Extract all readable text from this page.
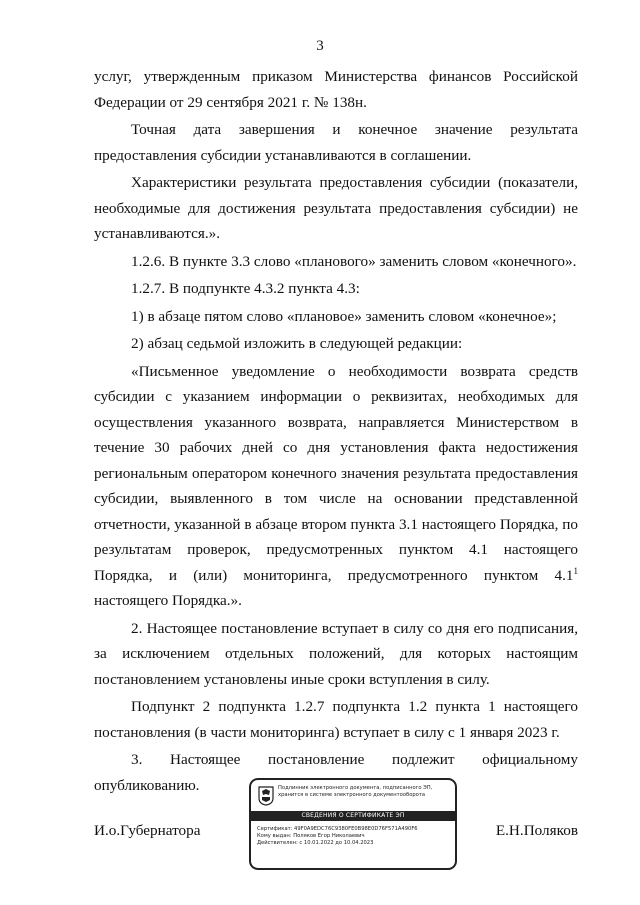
3

услуг, утвержденным приказом Министерства финансов Российской Федерации от 29 сентября 2021 г. № 138н.

Точная дата завершения и конечное значение результата предоставления субсидии устанавливаются в соглашении.

Характеристики результата предоставления субсидии (показатели, необходимые для достижения результата предоставления субсидии) не устанавливаются.».

1.2.6. В пункте 3.3 слово «планового» заменить словом «конечного».

1.2.7. В подпункте 4.3.2 пункта 4.3:

1) в абзаце пятом слово «плановое» заменить словом «конечное»;

2) абзац седьмой изложить в следующей редакции:

«Письменное уведомление о необходимости возврата средств субсидии с указанием информации о реквизитах, необходимых для осуществления указанного возврата, направляется Министерством в течение 30 рабочих дней со дня установления факта недостижения региональным оператором конечного значения результата предоставления субсидии, выявленного в том числе на основании представленной отчетности, указанной в абзаце втором пункта 3.1 настоящего Порядка, по результатам проверок, предусмотренных пунктом 4.1 настоящего Порядка, и (или) мониторинга, предусмотренного пунктом $4.1^1$ настоящего Порядка.».

2. Настоящее постановление вступает в силу со дня его подписания, за исключением отдельных положений, для которых настоящим постановлением установлены иные сроки вступления в силу.

Подпункт 2 подпункта 1.2.7 подпункта 1.2 пункта 1 настоящего постановления (в части мониторинга) вступает в силу с 1 января 2023 г.

3. Настоящее постановление подлежит официальному опубликованию.

И.о.Губернатора	Е.Н.Поляков
Подлинник электронного документа, подписанного ЭП, хранится в системе электронного документооборота
СВЕДЕНИЯ О СЕРТИФИКАТЕ ЭП
Сертификат: 49F0A9EDC76C9380FE0B98E0D76F571A490F6
Кому выдан: Поляков Егор Николаевич
Действителен: с 10.01.2022 до 10.04.2023
